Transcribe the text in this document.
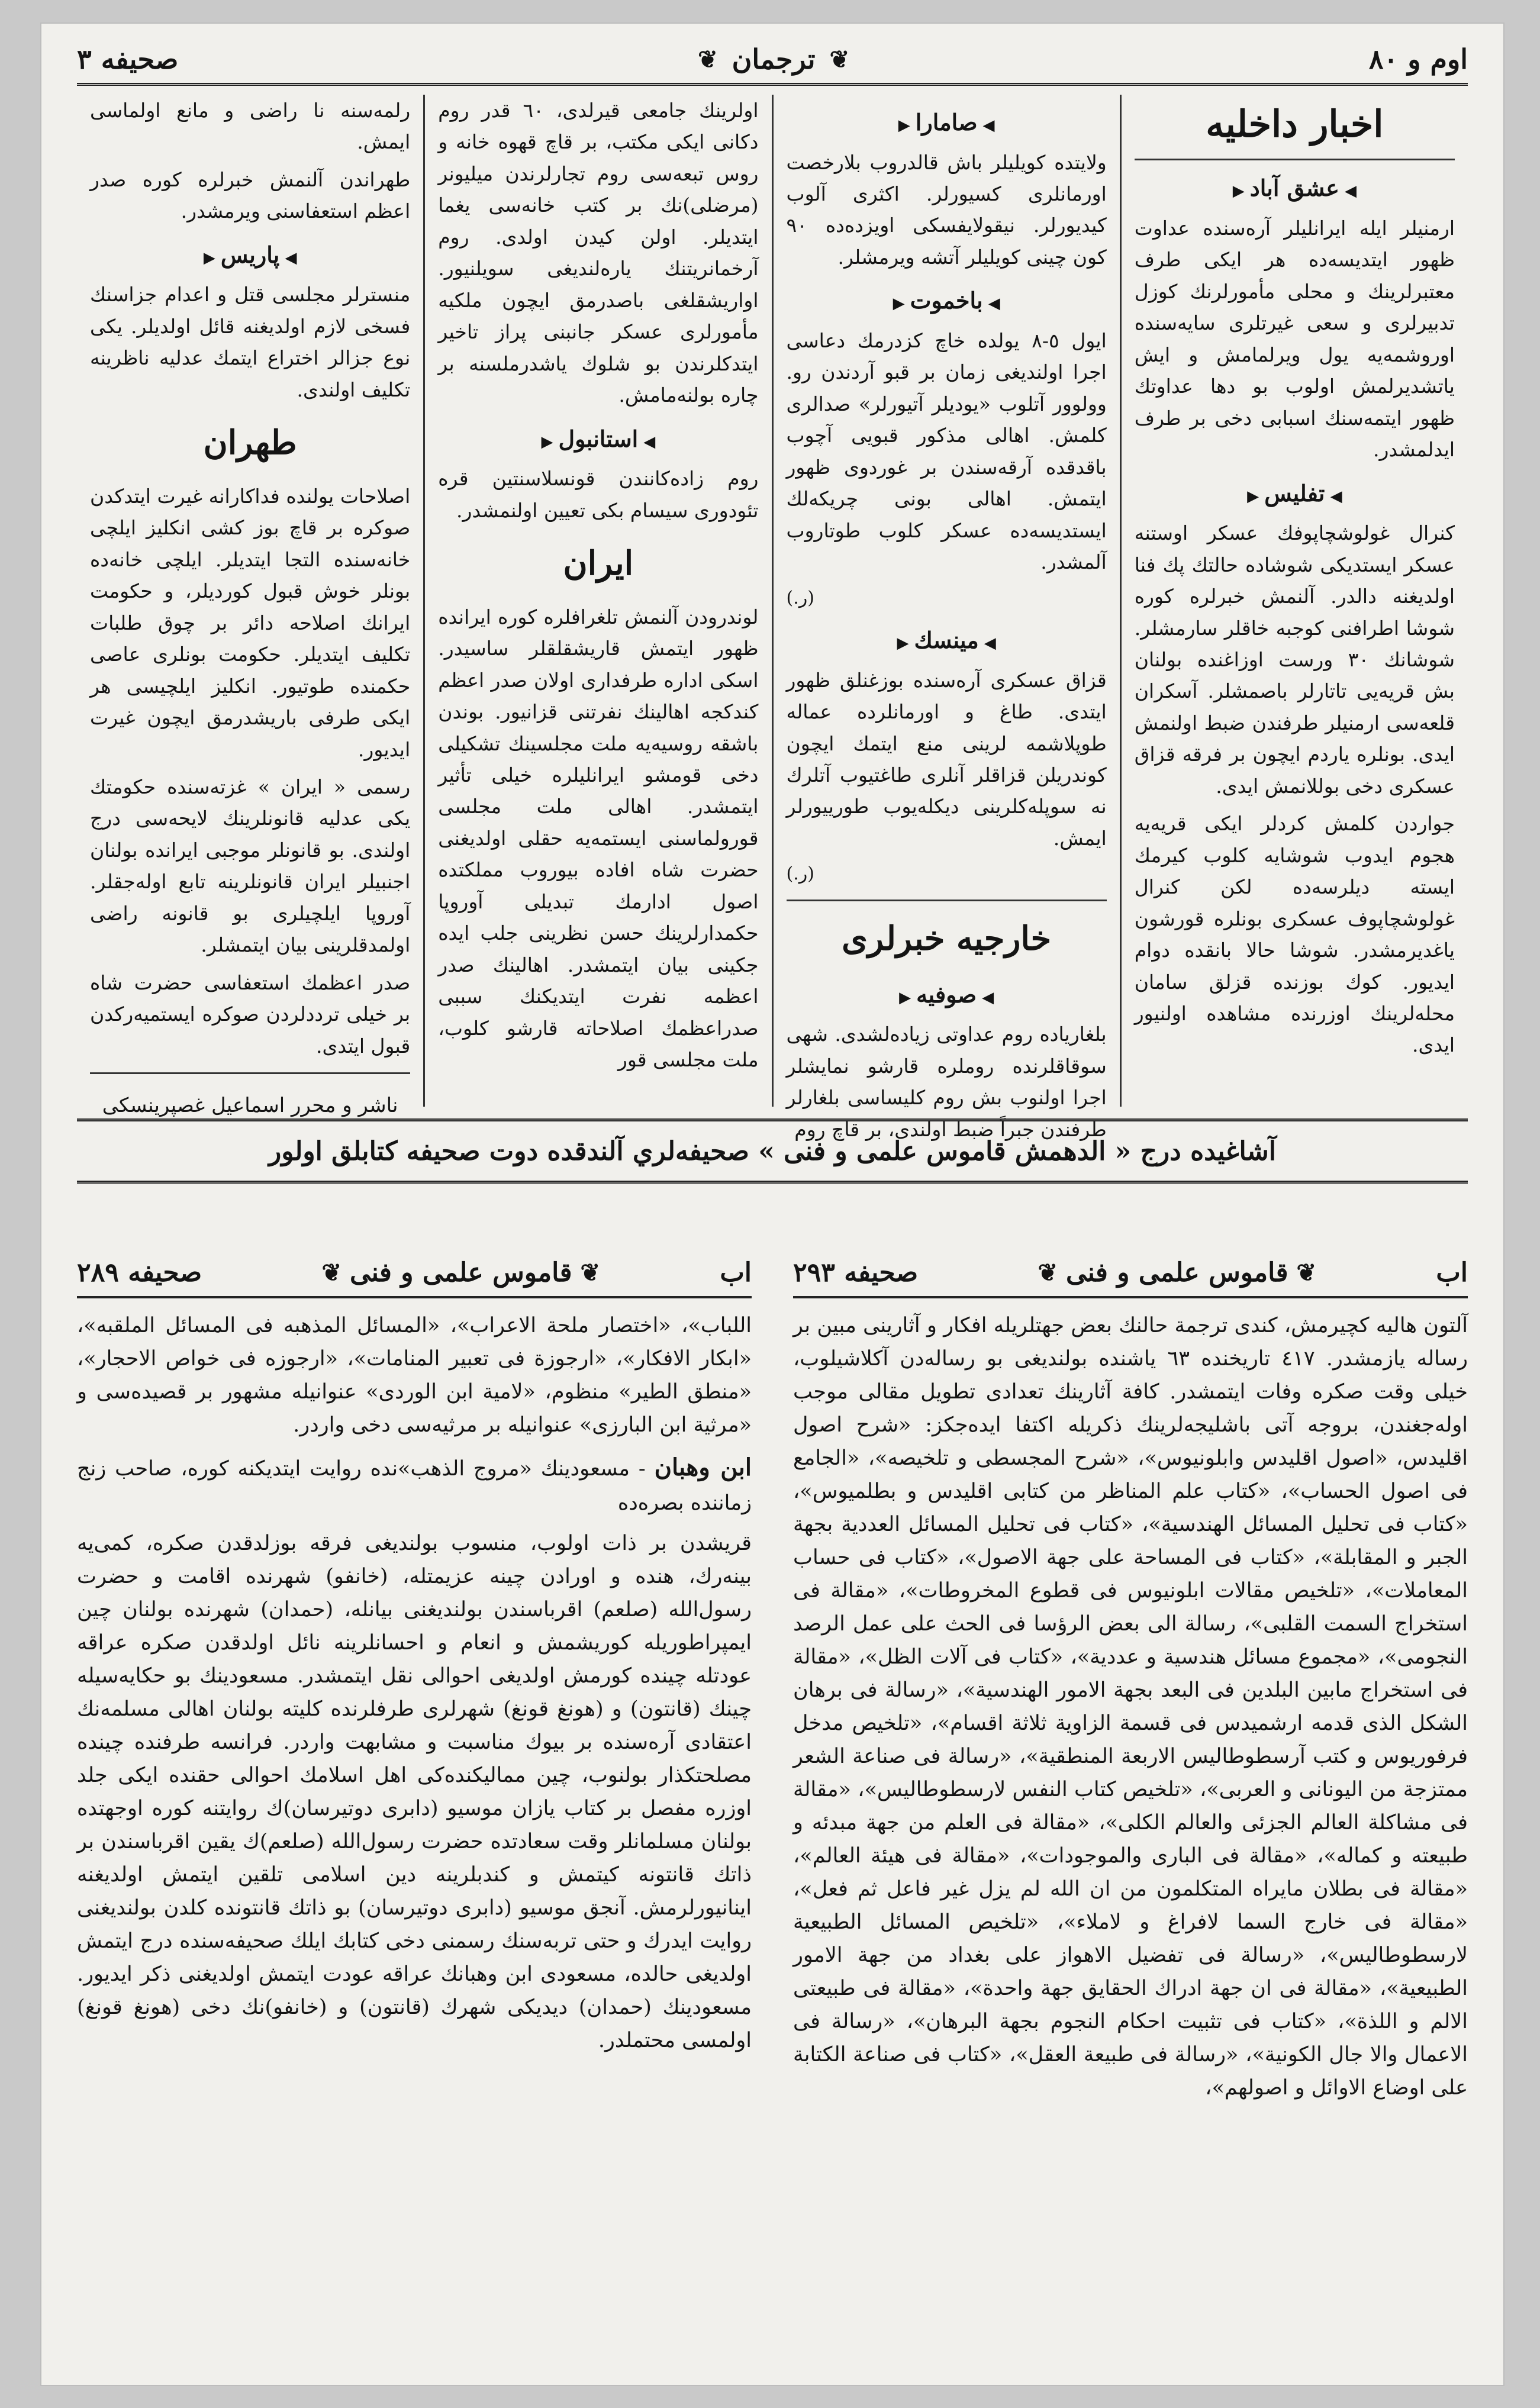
صحيفه ٣	❦ ترجمان ❦	اوم و ٨٠
اخبار داخليه
◀ عشق آباد ▶

ارمنيلر ايله ايرانليلر آره‌سنده عداوت ظهور ايتديسه‌ده هر ايكى طرف معتبرلرينك و محلى مأمورلرنك كوزل تدبيرلرى و سعى غيرتلرى سايه‌سنده اوروشمه‌يه يول ويرلمامش و ايش ياتشديرلمش اولوب بو دها عداوتك ظهور ايتمه‌سنك اسبابى دخى بر طرف ايدلمشدر.

◀ تفليس ▶

كنرال غولوشچاپوفك عسكر اوستنه عسكر ايستديكى شوشاده حالتك پك فنا اولديغنه دالدر. آلنمش خبرلره كوره شوشا اطرافنى كوجبه خاقلر سارمشلر. شوشانك ٣٠ ورست اوزاغنده بولنان بش قريه‌يى تاتارلر باصمشلر. آسكران قلعه‌سى ارمنيلر طرفندن ضبط اولنمش ايدى. بونلره ياردم ايچون بر فرقه قزاق عسكرى دخى بوللانمش ايدى.

جواردن كلمش كردلر ايكى قريه‌يه هجوم ايدوب شوشايه كلوب كيرمك ايسته ديلرسه‌ده لكن كنرال غولوشچاپوف عسكرى بونلره قورشون ياغديرمشدر. شوشا حالا بانقده دوام ايديور. كوك بوزنده قزلق سامان محله‌لرينك اوزرنده مشاهده اولنيور ايدى.

◀ صامارا ▶

ولايتده كويليلر باش قالدروب بلارخصت اورمانلرى كسيورلر. اكثرى آلوب كيديورلر. نيقولايفسكى اويزده‌ده ٩٠ كون چينى كويليلر آتشه ويرمشلر.

◀ باخموت ▶

ايول ٥-٨ يولده خاچ كزدرمك دعاسى اجرا اولنديغى زمان بر قبو آردندن رو. وولوور آتلوب «يوديلر آتيورلر» صدالرى كلمش. اهالى مذكور قبويى آچوب باقدقده آرقه‌سندن بر غوردوى ظهور ايتمش. اهالى بونى چريكه‌لك ايستديسه‌ده عسكر كلوب طوتاروب آلمشدر.

(ر.)
◀ مينسك ▶

قزاق عسكرى آره‌سنده بوزغنلق ظهور ايتدى. طاغ و اورمانلرده عماله طوپلاشمه لرينى منع ايتمك ايچون كوندريلن قزاقلر آنلرى طاغتيوب آتلرك نه سوپله‌كلرينى ديكله‌يوب طورييورلر ايمش.

(ر.)
خارجيه خبرلرى
◀ صوفيه ▶

بلغارياده روم عداوتى زياده‌لشدى. شهى سوقاقلرنده روملره قارشو نمايشلر اجرا اولنوب بش روم كليساسى بلغارلر طرفندن جبراً ضبط اولندى، بر قاچ روم

اولرينك جامعى قيرلدى، ٦٠ قدر روم دكانى ايكى مكتب، بر قاچ قهوه خانه و روس تبعه‌سى روم تجارلرندن ميليونر (مرضلى)نك بر كتب خانه‌سى يغما ايتديلر. اولن كيدن اولدى. روم آرخمانريتنك ياره‌لنديغى سويلنيور. اواريشقلغى باصدرمق ايچون ملكيه مأمورلرى عسكر جانبنى پراز تاخير ايتدكلرندن بو شلوك ياشدرملسنه بر چاره بولنه‌مامش.

◀ استانبول ▶

روم زاده‌كانندن قونسلاسنتين قره تئودورى سيسام بكى تعيين اولنمشدر.

ايران

لوندرودن آلنمش تلغرافلره كوره ايرانده ظهور ايتمش قاريشقلقلر ساسيدر. اسكى اداره طرفدارى اولان صدر اعظم كندكجه اهالينك نفرتنى قزانيور. بوندن باشقه روسيه‌يه ملت مجلسينك تشكيلى دخى قومشو ايرانليلره خيلى تأثير ايتمشدر. اهالى ملت مجلسى قورولماسنى ايستمه‌يه حقلى اولديغنى حضرت شاه افاده بيوروب مملكتده اصول ادارمك تبديلى آوروپا حكمدارلرينك حسن نظرينى جلب ايده جكينى بيان ايتمشدر. اهالينك صدر اعظمه نفرت ايتديكنك سببى صدراعظمك اصلاحاته قارشو كلوب، ملت مجلسى قور

رلمه‌سنه نا راضى و مانع اولماسى ايمش.

طهراندن آلنمش خبرلره كوره صدر اعظم استعفاسنى ويرمشدر.

◀ پاريس ▶

منسترلر مجلسى قتل و اعدام جزاسنك فسخى لازم اولديغنه قائل اولديلر. يكى نوع جزالر اختراع ايتمك عدليه ناظرينه تكليف اولندى.

طهران

اصلاحات يولنده فداكارانه غيرت ايتدكدن صوكره بر قاچ بوز كشى انكليز ايلچى خانه‌سنده التجا ايتديلر. ايلچى خانه‌ده بونلر خوش قبول كورديلر، و حكومت ايرانك اصلاحه دائر بر چوق طلبات تكليف ايتديلر. حكومت بونلرى عاصى حكمنده طوتيور. انكليز ايلچيسى هر ايكى طرفى باريشدرمق ايچون غيرت ايديور.

رسمى « ايران » غزته‌سنده حكومتك يكى عدليه قانونلرينك لايحه‌سى درج اولندى. بو قانونلر موجبى ايرانده بولنان اجنبيلر ايران قانونلرينه تابع اوله‌جقلر. آوروپا ايلچيلرى بو قانونه راضى اولمدقلرينى بيان ايتمشلر.

صدر اعظمك استعفاسى حضرت شاه بر خيلى ترددلردن صوكره ايستميه‌ركدن قبول ايتدى.

ناشر و محرر اسماعيل غصپرينسكى
آشاغيده درج « الدهمش قاموس علمى و فنى » صحيفه‌لري آلندقده دوت صحيفه كتابلق اولور
اب
❦
قاموس علمى و فنى
❦
صحيفه ٢٩٣

آلتون هاليه كچيرمش، كندى ترجمة حالنك بعض جهتلريله افكار و آثارينى مبين بر رساله يازمشدر. ٤١٧ تاريخنده ٦٣ ياشنده بولنديغى بو رساله‌دن آكلاشيلوب، خيلى وقت صكره وفات ايتمشدر. كافة آثارينك تعدادى تطويل مقالى موجب اوله‌جغندن، بروجه آتى باشليجه‌لرينك ذكريله اكتفا ايده‌جكز: «شرح اصول اقليدس، «اصول اقليدس وابلونيوس»، «شرح المجسطى و تلخيصه»، «الجامع فى اصول الحساب»، «كتاب علم المناظر من كتابى اقليدس و بطلميوس»، «كتاب فى تحليل المسائل الهندسية»، «كتاب فى تحليل المسائل العددية بجهة الجبر و المقابلة»، «كتاب فى المساحة على جهة الاصول»، «كتاب فى حساب المعاملات»، «تلخيص مقالات ابلونيوس فى قطوع المخروطات»، «مقالة فى استخراج السمت القلبى»، رسالة الى بعض الرؤسا فى الحث على عمل الرصد النجومى»، «مجموع مسائل هندسية و عددية»، «كتاب فى آلات الظل»، «مقالة فى استخراج مابين البلدين فى البعد بجهة الامور الهندسية»، «رسالة فى برهان الشكل الذى قدمه ارشميدس فى قسمة الزاوية ثلاثة اقسام»، «تلخيص مدخل فرفوريوس و كتب آرسطوطاليس الاربعة المنطقية»، «رسالة فى صناعة الشعر ممتزجة من اليونانى و العربى»، «تلخيص كتاب النفس لارسطوطاليس»، «مقالة فى مشاكلة العالم الجزئى والعالم الكلى»، «مقالة فى العلم من جهة مبدئه و طبيعته و كماله»، «مقالة فى البارى والموجودات»، «مقالة فى هيئة العالم»، «مقالة فى بطلان مايراه المتكلمون من ان الله لم يزل غير فاعل ثم فعل»، «مقالة فى خارج السما لافراغ و لاملاء»، «تلخيص المسائل الطبيعية لارسطوطاليس»، «رسالة فى تفضيل الاهواز على بغداد من جهة الامور الطبيعية»، «مقالة فى ان جهة ادراك الحقايق جهة واحدة»، «مقالة فى طبيعتى الالم و اللذة»، «كتاب فى تثبيت احكام النجوم بجهة البرهان»، «رسالة فى الاعمال والا جال الكونية»، «رسالة فى طبيعة العقل»، «كتاب فى صناعة الكتابة على اوضاع الاوائل و اصولهم»،

اب
❦
قاموس علمى و فنى
❦
صحيفه ٢٨٩

اللباب»، «اختصار ملحة الاعراب»، «المسائل المذهبه فى المسائل الملقبه»، «ابكار الافكار»، «ارجوزة فى تعبير المنامات»، «ارجوزه فى خواص الاحجار»، «منطق الطير» منظوم، «لامية ابن الوردى» عنوانيله مشهور بر قصيده‌سى و «مرثية ابن البارزى» عنوانيله بر مرثيه‌سى دخى واردر.

ابن وهبان - مسعودينك «مروج الذهب»نده روايت ايتديكنه كوره، صاحب زنج زماننده بصره‌ده

قريشدن بر ذات اولوب، منسوب بولنديغى فرقه بوزلدقدن صكره، كمى‌يه بينه‌رك، هنده و اورادن چينه عزيمتله، (خانفو) شهرنده اقامت و حضرت رسول‌الله (صلعم) اقرباسندن بولنديغنى بيانله، (حمدان) شهرنده بولنان چين ايمپراطوريله كوريشمش و انعام و احسانلرينه نائل اولدقدن صكره عراقه عودتله چينده كورمش اولديغى احوالى نقل ايتمشدر. مسعودينك بو حكايه‌سيله چينك (قانتون) و (هونغ قونغ) شهرلرى طرفلرنده كليته بولنان اهالى مسلمه‌نك اعتقادى آره‌سنده بر بيوك مناسبت و مشابهت واردر. فرانسه طرفنده چينده مصلحتكذار بولنوب، چين مماليكنده‌كى اهل اسلامك احوالى حقنده ايكى جلد اوزره مفصل بر كتاب يازان موسيو (دابرى دوتيرسان)ك روايتنه كوره اوجهتده بولنان مسلمانلر وقت سعادتده حضرت رسول‌الله (صلعم)ك يقين اقرباسندن بر ذاتك قانتونه كيتمش و كندبلرينه دين اسلامى تلقين ايتمش اولديغنه اينانيورلرمش. آنجق موسيو (دابرى دوتيرسان) بو ذاتك قانتونده كلدن بولنديغنى روايت ايدرك و حتى تربه‌سنك رسمنى دخى كتابك ايلك صحيفه‌سنده درج ايتمش اولديغى حالده، مسعودى ابن وهبانك عراقه عودت ايتمش اولديغنى ذكر ايديور. مسعودينك (حمدان) ديديكى شهرك (قانتون) و (خانفو)نك دخى (هونغ قونغ) اولمسى محتملدر.
